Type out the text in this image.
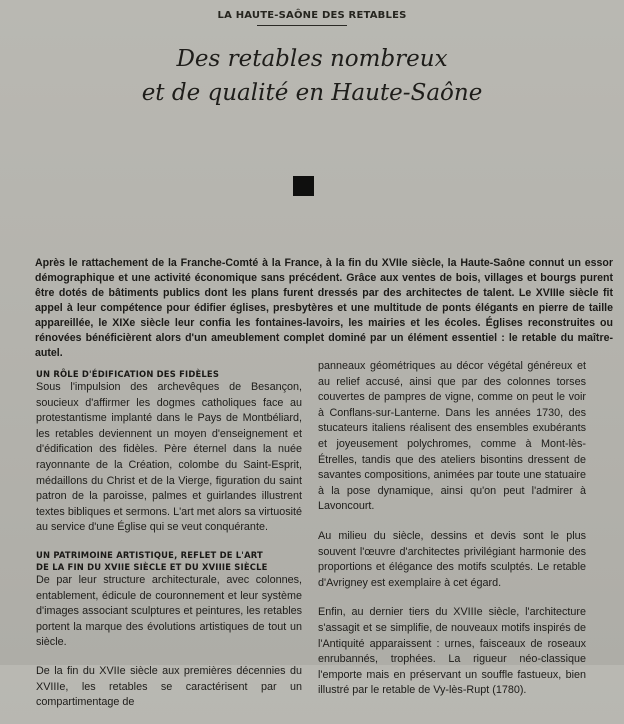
LA HAUTE-SAÔNE DES RETABLES
Des retables nombreux
et de qualité en Haute-Saône
Après le rattachement de la Franche-Comté à la France, à la fin du XVIIe siècle, la Haute-Saône connut un essor démographique et une activité économique sans précédent. Grâce aux ventes de bois, villages et bourgs purent être dotés de bâtiments publics dont les plans furent dressés par des architectes de talent. Le XVIIIe siècle fit appel à leur compétence pour édifier églises, presbytères et une multitude de ponts élégants en pierre de taille appareillée, le XIXe siècle leur confia les fontaines-lavoirs, les mairies et les écoles. Églises reconstruites ou rénovées bénéficièrent alors d'un ameublement complet dominé par un élément essentiel : le retable du maître-autel.
UN RÔLE D'ÉDIFICATION DES FIDÈLES

Sous l'impulsion des archevêques de Besançon, soucieux d'affirmer les dogmes catholiques face au protestantisme implanté dans le Pays de Montbéliard, les retables deviennent un moyen d'enseignement et d'édification des fidèles. Père éternel dans la nuée rayonnante de la Création, colombe du Saint-Esprit, médaillons du Christ et de la Vierge, figuration du saint patron de la paroisse, palmes et guirlandes illustrent textes bibliques et sermons. L'art met alors sa virtuosité au service d'une Église qui se veut conquérante.

UN PATRIMOINE ARTISTIQUE, REFLET DE L'ART
DE LA FIN DU XVIIE SIÈCLE ET DU XVIIIE SIÈCLE

De par leur structure architecturale, avec colonnes, entablement, édicule de couronnement et leur système d'images associant sculptures et peintures, les retables portent la marque des évolutions artistiques de tout un siècle.

De la fin du XVIIe siècle aux premières décennies du XVIIIe, les retables se caractérisent par un compartimentage de

panneaux géométriques au décor végétal généreux et au relief accusé, ainsi que par des colonnes torses couvertes de pampres de vigne, comme on peut le voir à Conflans-sur-Lanterne. Dans les années 1730, des stucateurs italiens réalisent des ensembles exubérants et joyeusement polychromes, comme à Mont-lès-Étrelles, tandis que des ateliers bisontins dressent de savantes compositions, animées par toute une statuaire à la pose dynamique, ainsi qu'on peut l'admirer à Lavoncourt.

Au milieu du siècle, dessins et devis sont le plus souvent l'œuvre d'architectes privilégiant harmonie des proportions et élégance des motifs sculptés. Le retable d'Avrigney est exemplaire à cet égard.

Enfin, au dernier tiers du XVIIIe siècle, l'architecture s'assagit et se simplifie, de nouveaux motifs inspirés de l'Antiquité apparaissent : urnes, faisceaux de roseaux enrubannés, trophées. La rigueur néo-classique l'emporte mais en préservant un souffle fastueux, bien illustré par le retable de Vy-lès-Rupt (1780).
